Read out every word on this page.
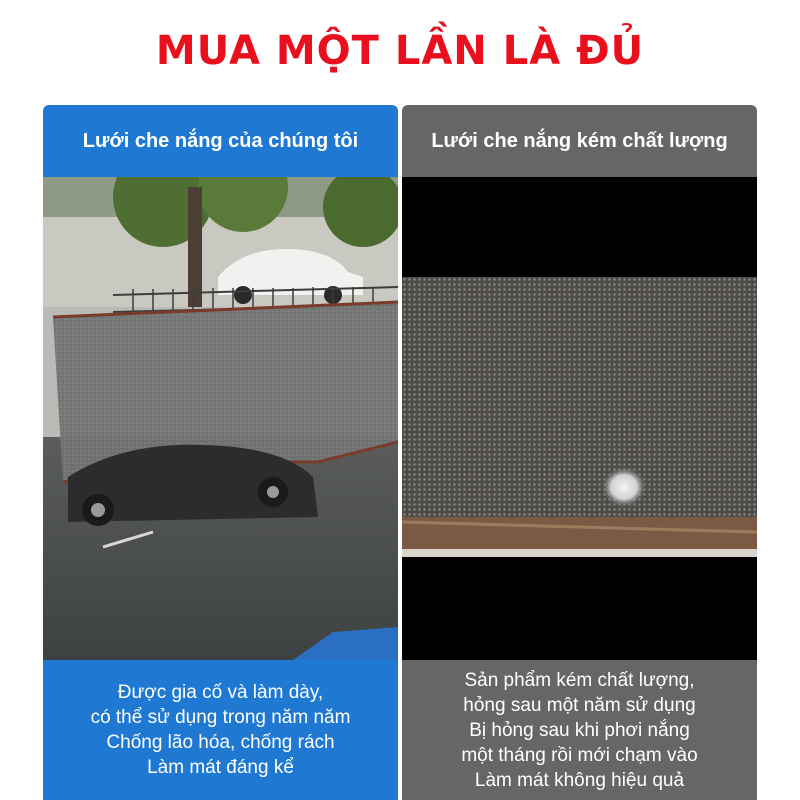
MUA MỘT LẦN LÀ ĐỦ
Lưới che nắng của chúng tôi
Được gia cố và làm dày,
có thể sử dụng trong năm năm
Chống lão hóa, chống rách
Làm mát đáng kể
Lưới che nắng kém chất lượng
Sản phẩm kém chất lượng,
hỏng sau một năm sử dụng
Bị hỏng sau khi phơi nắng
một tháng rồi mới chạm vào
Làm mát không hiệu quả
